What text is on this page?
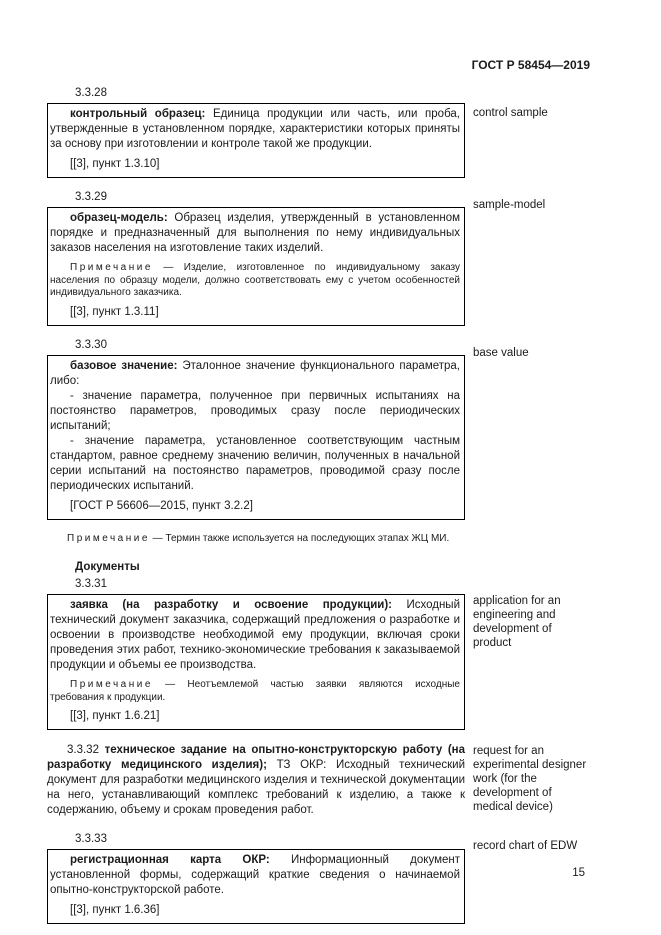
ГОСТ Р 58454—2019
3.3.28

контрольный образец: Единица продукции или часть, или проба, утвержденные в установленном порядке, характеристики которых приняты за основу при изготовлении и контроле такой же продукции.

[[3], пункт 1.3.10]

control sample
3.3.29

образец-модель: Образец изделия, утвержденный в установленном порядке и предназначенный для выполнения по нему индивидуальных заказов населения на изготовление таких изделий.

Примечание — Изделие, изготовленное по индивидуальному заказу населения по образцу модели, должно соответствовать ему с учетом особенностей индивидуального заказчика.

[[3], пункт 1.3.11]

sample-model
3.3.30

базовое значение: Эталонное значение функционального параметра, либо:

- значение параметра, полученное при первичных испытаниях на постоянство параметров, проводимых сразу после периодических испытаний;

- значение параметра, установленное соответствующим частным стандартом, равное среднему значению величин, полученных в начальной серии испытаний на постоянство параметров, проводимой сразу после периодических испытаний.

[ГОСТ Р 56606—2015, пункт 3.2.2]

Примечание — Термин также используется на последующих этапах ЖЦ МИ.

base value
Документы
3.3.31

заявка (на разработку и освоение продукции): Исходный технический документ заказчика, содержащий предложения о разработке и освоении в производстве необходимой ему продукции, включая сроки проведения этих работ, технико-экономические требования к заказываемой продукции и объемы ее производства.

Примечание — Неотъемлемой частью заявки являются исходные требования к продукции.

[[3], пункт 1.6.21]

application for an engineering and development of product

3.3.32 техническое задание на опытно-конструкторскую работу (на разработку медицинского изделия); ТЗ ОКР: Исходный технический документ для разработки медицинского изделия и технической документации на него, устанавливающий комплекс требований к изделию, а также к содержанию, объему и срокам проведения работ.

request for an experimental designer work (for the development of medical device)
3.3.33

регистрационная карта ОКР: Информационный документ установленной формы, содержащий краткие сведения о начинаемой опытно-конструкторской работе.

[[3], пункт 1.6.36]

record chart of EDW
15
